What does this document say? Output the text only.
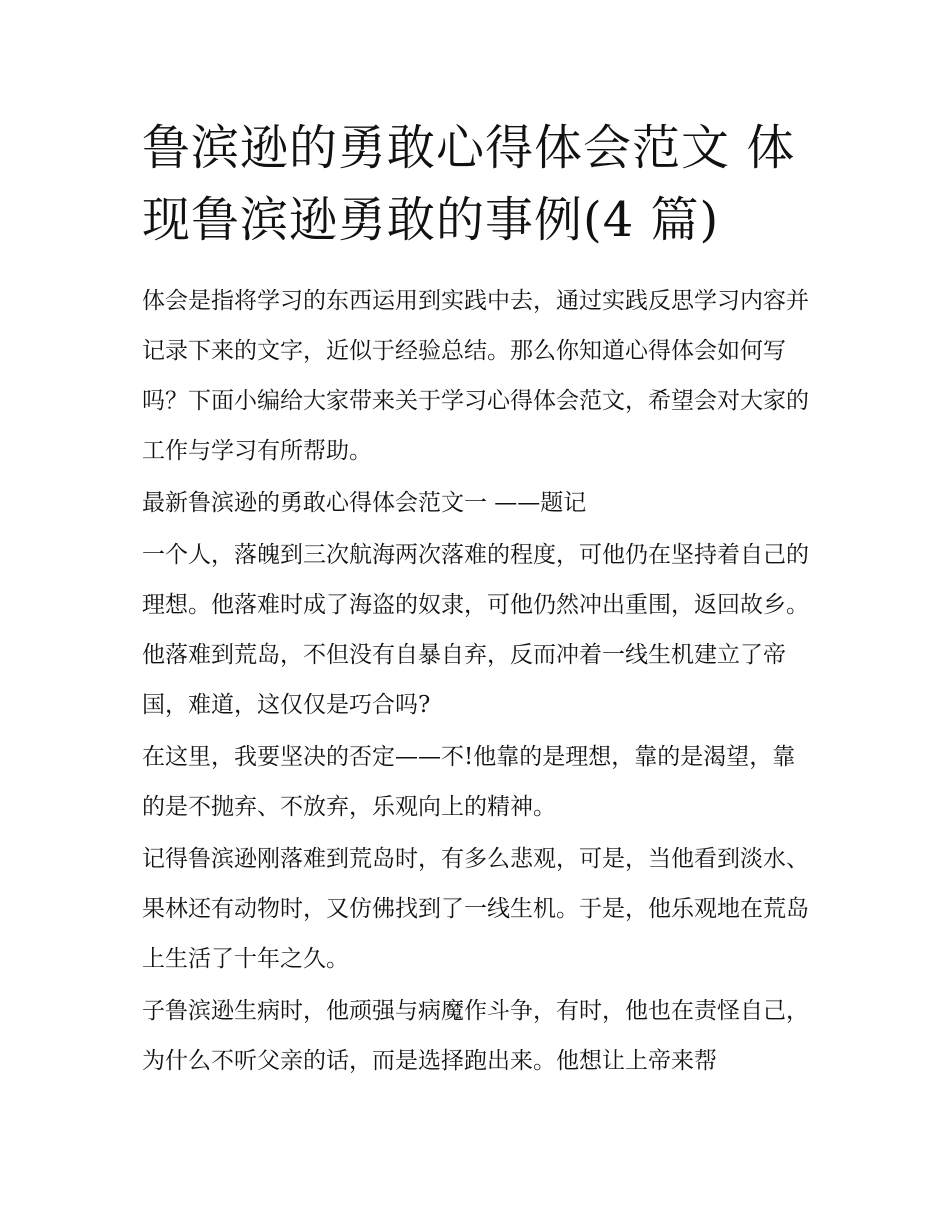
鲁滨逊的勇敢心得体会范文 体现鲁滨逊勇敢的事例(4 篇)

体会是指将学习的东西运用到实践中去，通过实践反思学习内容并记录下来的文字，近似于经验总结。那么你知道心得体会如何写吗？下面小编给大家带来关于学习心得体会范文，希望会对大家的工作与学习有所帮助。

最新鲁滨逊的勇敢心得体会范文一 ——题记

一个人，落魄到三次航海两次落难的程度，可他仍在坚持着自己的理想。他落难时成了海盗的奴隶，可他仍然冲出重围，返回故乡。他落难到荒岛，不但没有自暴自弃，反而冲着一线生机建立了帝国，难道，这仅仅是巧合吗?

在这里，我要坚决的否定——不!他靠的是理想，靠的是渴望，靠的是不抛弃、不放弃，乐观向上的精神。

记得鲁滨逊刚落难到荒岛时，有多么悲观，可是，当他看到淡水、果林还有动物时，又仿佛找到了一线生机。于是，他乐观地在荒岛上生活了十年之久。

子鲁滨逊生病时，他顽强与病魔作斗争，有时，他也在责怪自己，为什么不听父亲的话，而是选择跑出来。他想让上帝来帮
